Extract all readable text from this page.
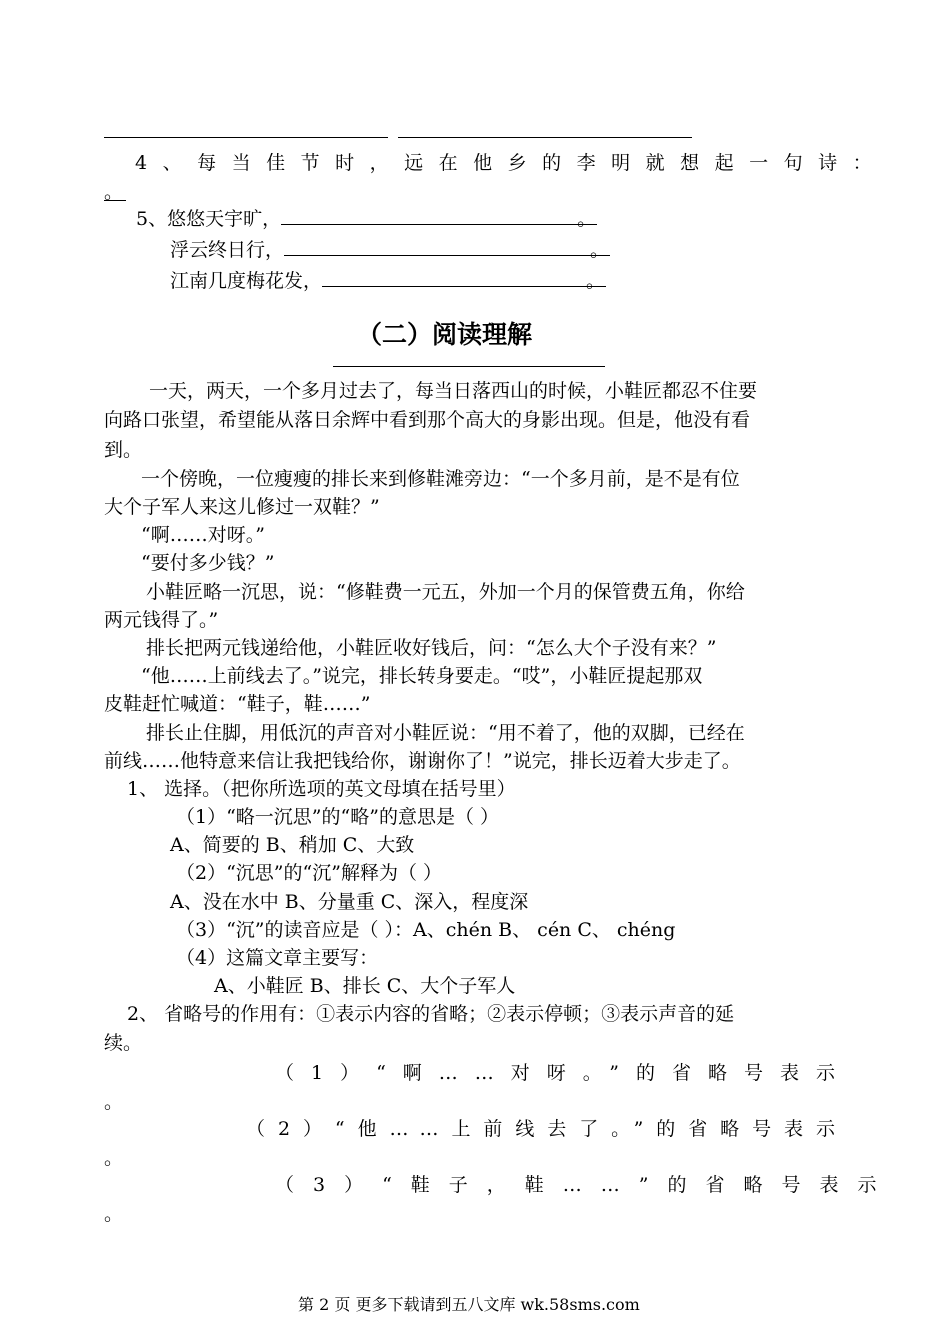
4、每当佳节时，远在他乡的李明就想起一句诗：
。
5、悠悠天宇旷，	。
浮云终日行，	。
江南几度梅花发，	。
（二）阅读理解
一天，两天，一个多月过去了，每当日落西山的时候，小鞋匠都忍不住要
向路口张望，希望能从落日余辉中看到那个高大的身影出现。但是，他没有看
到。
一个傍晚，一位瘦瘦的排长来到修鞋滩旁边：“一个多月前，是不是有位
大个子军人来这儿修过一双鞋？”
“啊……对呀。”
“要付多少钱？”
小鞋匠略一沉思，说：“修鞋费一元五，外加一个月的保管费五角，你给
两元钱得了。”
排长把两元钱递给他，小鞋匠收好钱后，问：“怎么大个子没有来？”
“他……上前线去了。”说完，排长转身要走。“哎”，小鞋匠提起那双
皮鞋赶忙喊道：“鞋子，鞋……”
排长止住脚，用低沉的声音对小鞋匠说：“用不着了，他的双脚，已经在
前线……他特意来信让我把钱给你，谢谢你了！”说完，排长迈着大步走了。
1、 选择。（把你所选项的英文母填在括号里）
（1）“略一沉思”的“略”的意思是（ ）
A、简要的 B、稍加 C、大致
（2）“沉思”的“沉”解释为（ ）
A、没在水中 B、分量重 C、深入，程度深
（3）“沉”的读音应是（ ）：A、chén B、 cén C、 chéng
（4）这篇文章主要写：
A、小鞋匠 B、排长 C、大个子军人
2、 省略号的作用有：①表示内容的省略；②表示停顿；③表示声音的延
续。
（1）“啊……对呀。”的省略号表示
。
（2）“他……上前线去了。”的省略号表示
。
（3）“鞋子，鞋……”的省略号表示
。
第 2 页 更多下载请到五八文库 wk.58sms.com
